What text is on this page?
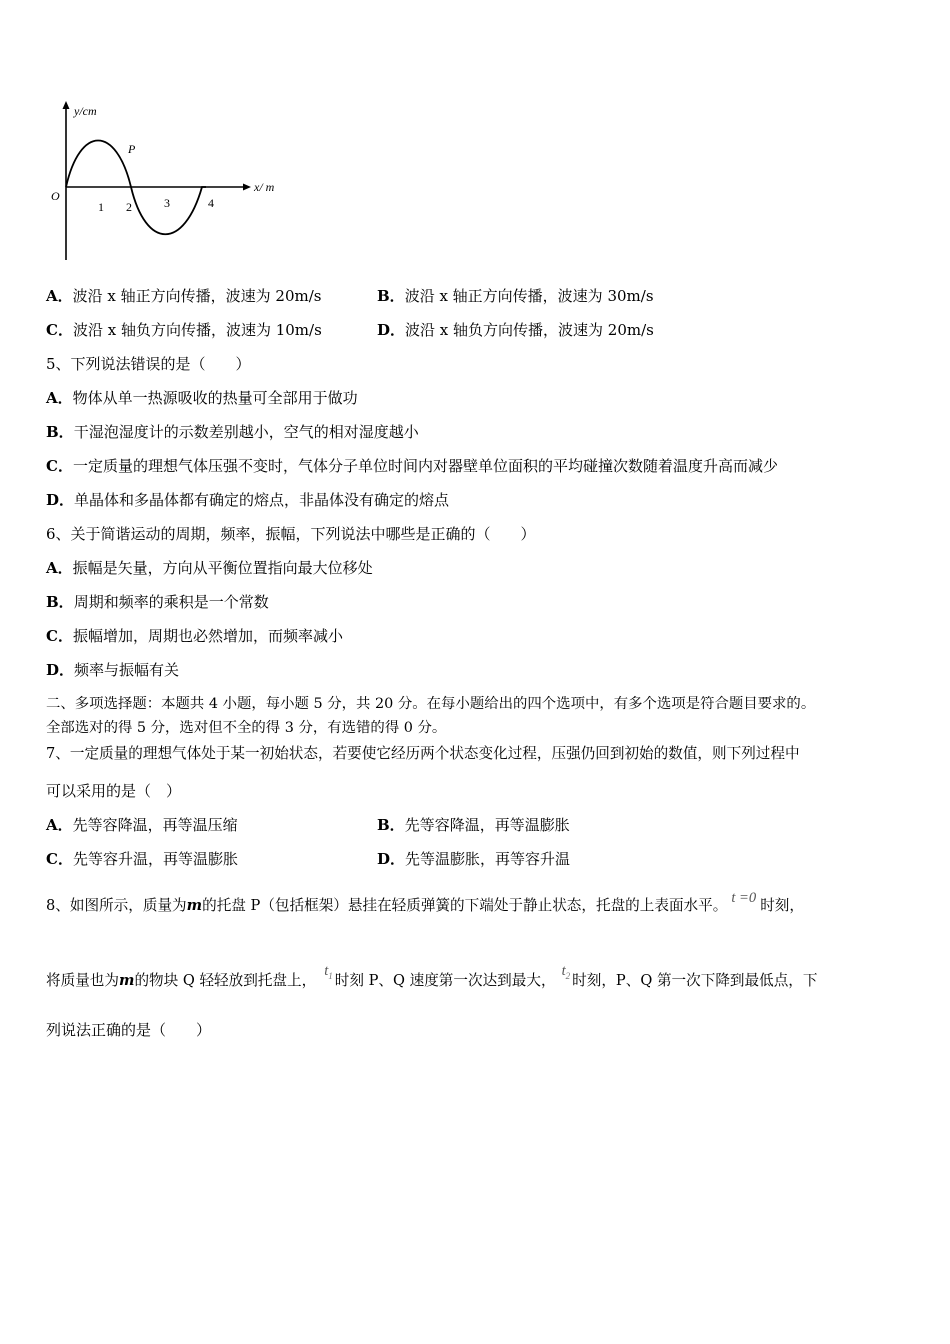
y/cm
x/ m
O
P
1 2	3	4
A．波沿 x 轴正方向传播，波速为 20m/s	B．波沿 x 轴正方向传播，波速为 30m/s
C．波沿 x 轴负方向传播，波速为 10m/s	D．波沿 x 轴负方向传播，波速为 20m/s
5、下列说法错误的是（　　）
A．物体从单一热源吸收的热量可全部用于做功
B．干湿泡湿度计的示数差别越小，空气的相对湿度越小
C．一定质量的理想气体压强不变时，气体分子单位时间内对器壁单位面积的平均碰撞次数随着温度升高而减少
D．单晶体和多晶体都有确定的熔点，非晶体没有确定的熔点
6、关于简谐运动的周期，频率，振幅，下列说法中哪些是正确的（　　）
A．振幅是矢量，方向从平衡位置指向最大位移处
B．周期和频率的乘积是一个常数
C．振幅增加，周期也必然增加，而频率减小
D．频率与振幅有关
二、多项选择题：本题共 4 小题，每小题 5 分，共 20 分。在每小题给出的四个选项中，有多个选项是符合题目要求的。
全部选对的得 5 分，选对但不全的得 3 分，有选错的得 0 分。
7、一定质量的理想气体处于某一初始状态，若要使它经历两个状态变化过程，压强仍回到初始的数值，则下列过程中
可以采用的是（　）
A．先等容降温，再等温压缩	B．先等容降温，再等温膨胀
C．先等容升温，再等温膨胀	D．先等温膨胀，再等容升温
8、如图所示，质量为m的托盘 P（包括框架）悬挂在轻质弹簧的下端处于静止状态，托盘的上表面水平。 t =0 时刻，
将质量也为m的物块 Q 轻轻放到托盘上，$t_1$ 时刻 P、Q 速度第一次达到最大，$t_2$ 时刻，P、Q 第一次下降到最低点，下
列说法正确的是（　　）
